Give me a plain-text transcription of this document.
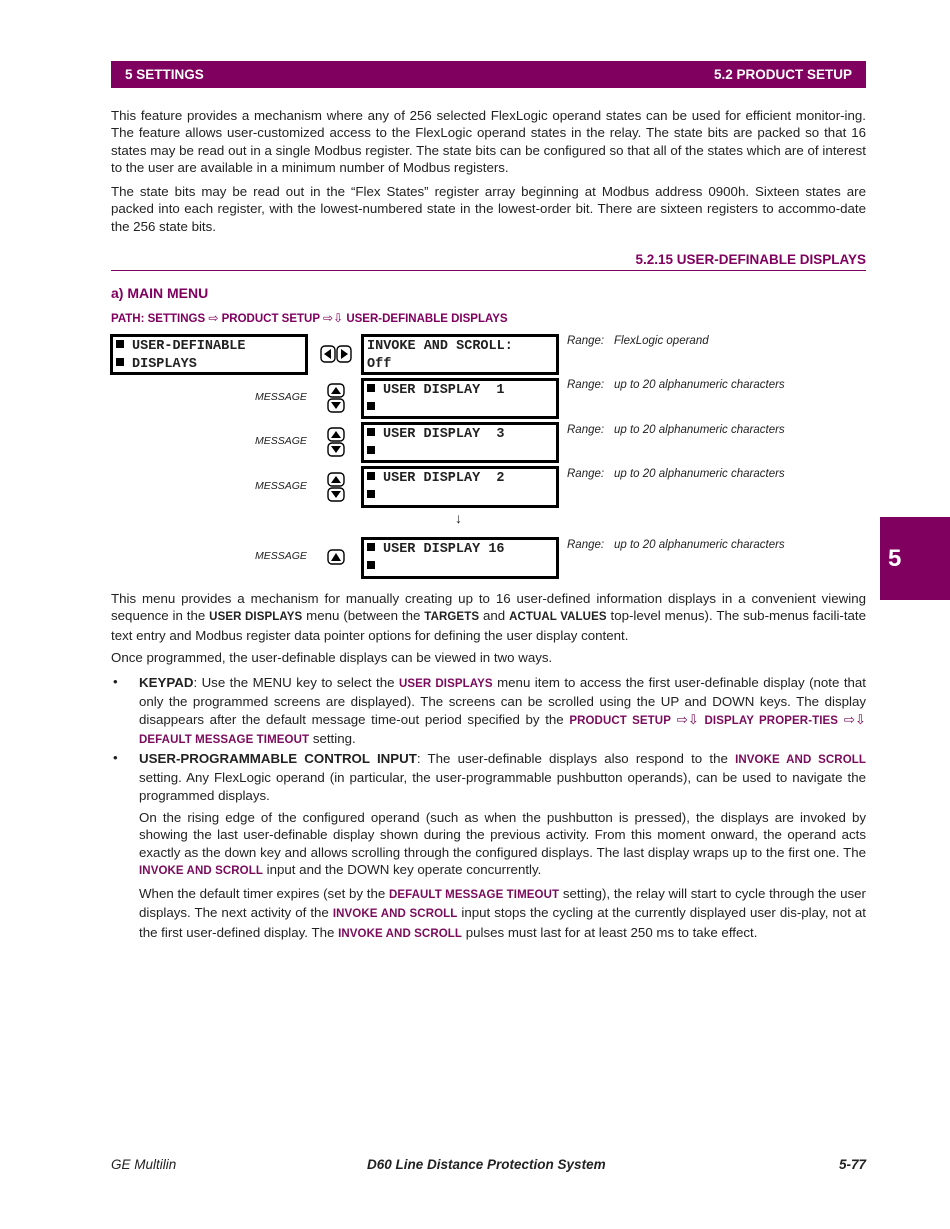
5 SETTINGS	5.2 PRODUCT SETUP

This feature provides a mechanism where any of 256 selected FlexLogic operand states can be used for efficient monitor-ing. The feature allows user-customized access to the FlexLogic operand states in the relay. The state bits are packed so that 16 states may be read out in a single Modbus register. The state bits can be configured so that all of the states which are of interest to the user are available in a minimum number of Modbus registers.

The state bits may be read out in the “Flex States” register array beginning at Modbus address 0900h. Sixteen states are packed into each register, with the lowest-numbered state in the lowest-order bit. There are sixteen registers to accommo-date the 256 state bits.

5.2.15 USER-DEFINABLE DISPLAYS
a) MAIN MENU
PATH: SETTINGS ⇨ PRODUCT SETUP ⇨⇩ USER-DEFINABLE DISPLAYS
USER-DEFINABLE
DISPLAYS
INVOKE AND SCROLL:
Off
Range: FlexLogic operand
MESSAGE	USER DISPLAY  1	Range: up to 20 alphanumeric characters
MESSAGE	USER DISPLAY  3	Range: up to 20 alphanumeric characters
MESSAGE	USER DISPLAY  2	Range: up to 20 alphanumeric characters
↓
MESSAGE	USER DISPLAY 16	Range: up to 20 alphanumeric characters	5

This menu provides a mechanism for manually creating up to 16 user-defined information displays in a convenient viewing sequence in the USER DISPLAYS menu (between the TARGETS and ACTUAL VALUES top-level menus). The sub-menus facili-tate text entry and Modbus register data pointer options for defining the user display content.

Once programmed, the user-definable displays can be viewed in two ways.

• KEYPAD: Use the MENU key to select the USER DISPLAYS menu item to access the first user-definable display (note that only the programmed screens are displayed). The screens can be scrolled using the UP and DOWN keys. The display disappears after the default message time-out period specified by the PRODUCT SETUP ⇨⇩ DISPLAY PROPER-TIES ⇨⇩ DEFAULT MESSAGE TIMEOUT setting.

• USER-PROGRAMMABLE CONTROL INPUT: The user-definable displays also respond to the INVOKE AND SCROLL setting. Any FlexLogic operand (in particular, the user-programmable pushbutton operands), can be used to navigate the programmed displays.

On the rising edge of the configured operand (such as when the pushbutton is pressed), the displays are invoked by showing the last user-definable display shown during the previous activity. From this moment onward, the operand acts exactly as the down key and allows scrolling through the configured displays. The last display wraps up to the first one. The INVOKE AND SCROLL input and the DOWN key operate concurrently.

When the default timer expires (set by the DEFAULT MESSAGE TIMEOUT setting), the relay will start to cycle through the user displays. The next activity of the INVOKE AND SCROLL input stops the cycling at the currently displayed user dis-play, not at the first user-defined display. The INVOKE AND SCROLL pulses must last for at least 250 ms to take effect.

GE Multilin	D60 Line Distance Protection System	5-77
